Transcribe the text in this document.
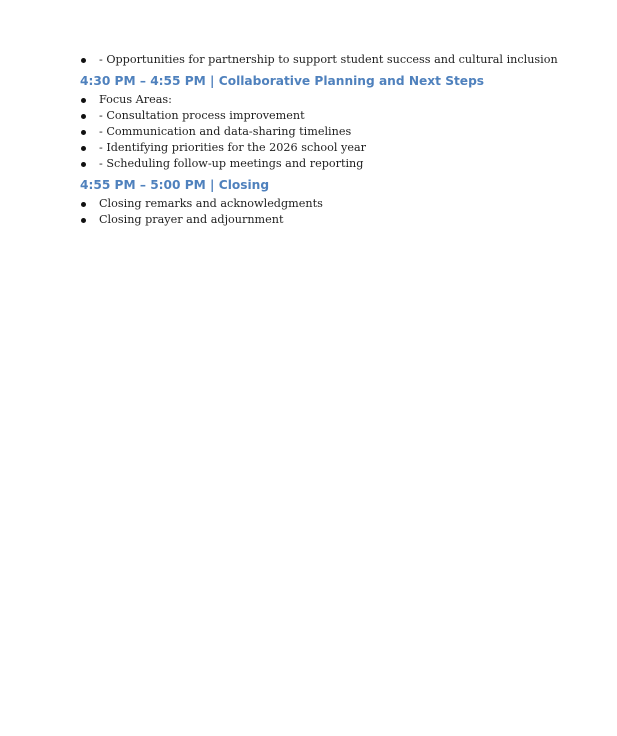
- Opportunities for partnership to support student success and cultural inclusion
4:30 PM – 4:55 PM | Collaborative Planning and Next Steps
Focus Areas:
- Consultation process improvement
- Communication and data-sharing timelines
- Identifying priorities for the 2026 school year
- Scheduling follow-up meetings and reporting
4:55 PM – 5:00 PM | Closing
Closing remarks and acknowledgments
Closing prayer and adjournment
